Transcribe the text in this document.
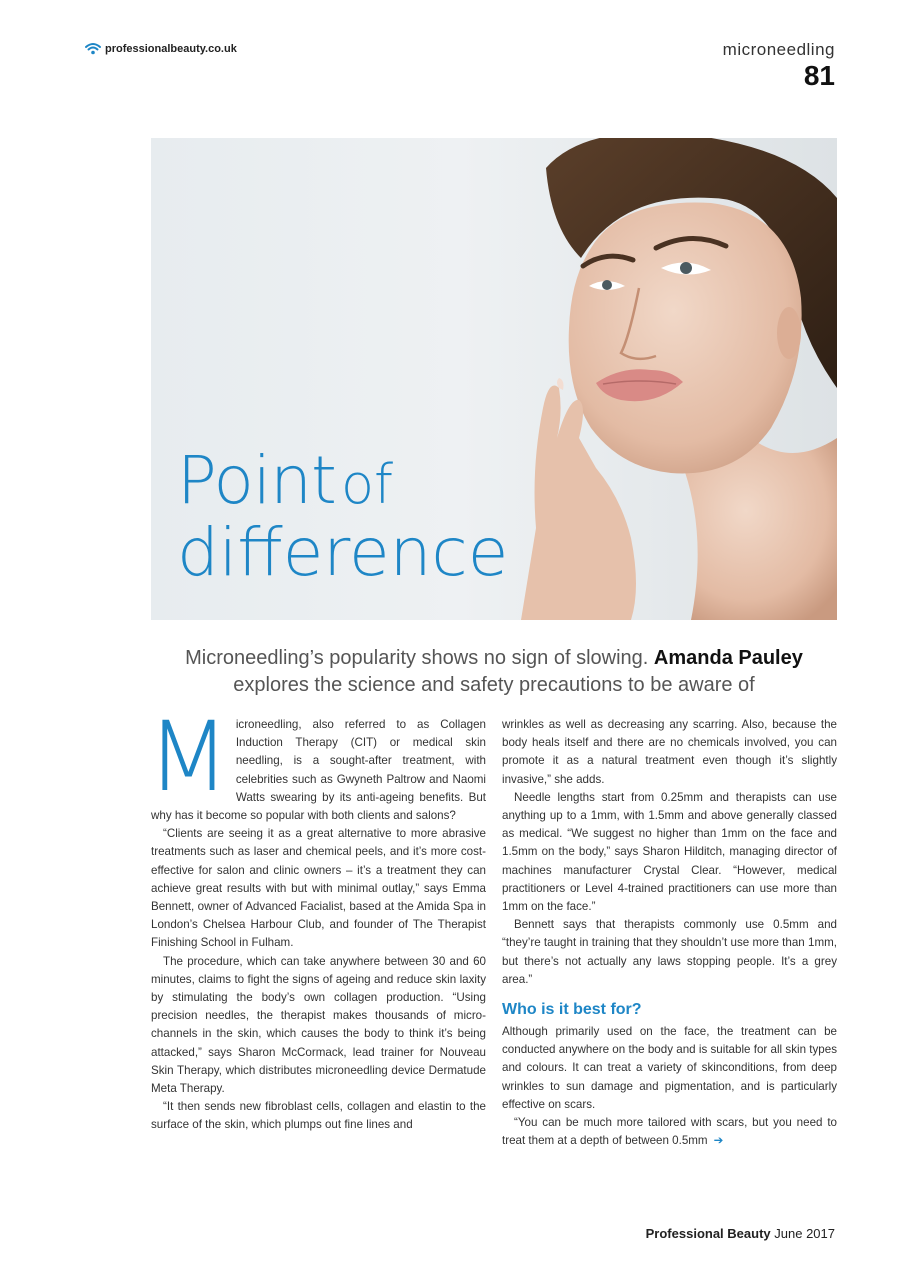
professionalbeauty.co.uk	microneedling
81
Point of
difference
Microneedling’s popularity shows no sign of slowing. Amanda Pauley explores the science and safety precautions to be aware of
M icroneedling, also referred to as Collagen Induction Therapy (CIT) or medical skin needling, is a sought-after treatment, with celebrities such as Gwyneth Paltrow and Naomi Watts swearing by its anti-ageing benefits. But why has it become so popular with both clients and salons?

“Clients are seeing it as a great alternative to more abrasive treatments such as laser and chemical peels, and it’s more cost-effective for salon and clinic owners – it’s a treatment they can achieve great results with but with minimal outlay,” says Emma Bennett, owner of Advanced Facialist, based at the Amida Spa in London’s Chelsea Harbour Club, and founder of The Therapist Finishing School in Fulham.

The procedure, which can take anywhere between 30 and 60 minutes, claims to fight the signs of ageing and reduce skin laxity by stimulating the body’s own collagen production. “Using precision needles, the therapist makes thousands of micro-channels in the skin, which causes the body to think it’s being attacked,” says Sharon McCormack, lead trainer for Nouveau Skin Therapy, which distributes microneedling device Dermatude Meta Therapy.

“It then sends new fibroblast cells, collagen and elastin to the surface of the skin, which plumps out fine lines and

wrinkles as well as decreasing any scarring. Also, because the body heals itself and there are no chemicals involved, you can promote it as a natural treatment even though it’s slightly invasive,” she adds.

Needle lengths start from 0.25mm and therapists can use anything up to a 1mm, with 1.5mm and above generally classed as medical. “We suggest no higher than 1mm on the face and 1.5mm on the body,” says Sharon Hilditch, managing director of machines manufacturer Crystal Clear. “However, medical practitioners or Level 4-trained practitioners can use more than 1mm on the face.”

Bennett says that therapists commonly use 0.5mm and “they’re taught in training that they shouldn’t use more than 1mm, but there’s not actually any laws stopping people. It’s a grey area.”

Who is it best for?

Although primarily used on the face, the treatment can be conducted anywhere on the body and is suitable for all skin types and colours. It can treat a variety of skinconditions, from deep wrinkles to sun damage and pigmentation, and is particularly effective on scars.

“You can be much more tailored with scars, but you need to treat them at a depth of between 0.5mm ➔

Professional Beauty June 2017
